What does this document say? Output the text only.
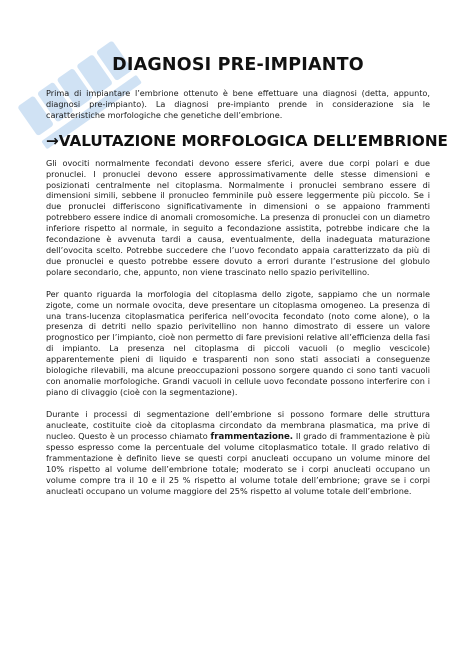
DIAGNOSI PRE-IMPIANTO

Prima di impiantare l’embrione ottenuto è bene effettuare una diagnosi (detta, appunto, diagnosi pre-impianto). La diagnosi pre-impianto prende in considerazione sia le caratteristiche morfologiche che genetiche dell’embrione.

→VALUTAZIONE MORFOLOGICA DELL’EMBRIONE

Gli ovociti normalmente fecondati devono essere sferici, avere due corpi polari e due pronuclei. I pronuclei devono essere approssimativamente delle stesse dimensioni e posizionati centralmente nel citoplasma. Normalmente i pronuclei sembrano essere di dimensioni simili, sebbene il pronucleo femminile può essere leggermente più piccolo. Se i due pronuclei differiscono significativamente in dimensioni o se appaiono frammenti potrebbero essere indice di anomali cromosomiche. La presenza di pronuclei con un diametro inferiore rispetto al normale, in seguito a fecondazione assistita, potrebbe indicare che la fecondazione è avvenuta tardi a causa, eventualmente, della inadeguata maturazione dell’ovocita scelto. Potrebbe succedere che l’uovo fecondato appaia caratterizzato da più di due pronuclei e questo potrebbe essere dovuto a errori durante l’estrusione del globulo polare secondario, che, appunto, non viene trascinato nello spazio perivitellino.

Per quanto riguarda la morfologia del citoplasma dello zigote, sappiamo che un normale zigote, come un normale ovocita, deve presentare un citoplasma omogeneo. La presenza di una trans-lucenza citoplasmatica periferica nell’ovocita fecondato (noto come alone), o la presenza di detriti nello spazio perivitellino non hanno dimostrato di essere un valore prognostico per l’impianto, cioè non permetto di fare previsioni relative all’efficienza della fasi di impianto. La presenza nel citoplasma di piccoli vacuoli (o meglio vescicole) apparentemente pieni di liquido e trasparenti non sono stati associati a conseguenze biologiche rilevabili, ma alcune preoccupazioni possono sorgere quando ci sono tanti vacuoli con anomalie morfologiche. Grandi vacuoli in cellule uovo fecondate possono interferire con i piano di clivaggio (cioè con la segmentazione).

Durante i processi di segmentazione dell’embrione si possono formare delle struttura anucleate, costituite cioè da citoplasma circondato da membrana plasmatica, ma prive di nucleo. Questo è un processo chiamato frammentazione. Il grado di frammentazione è più spesso espresso come la percentuale del volume citoplasmatico totale. Il grado relativo di frammentazione è definito lieve se questi corpi anucleati occupano un volume minore del 10% rispetto al volume dell’embrione totale; moderato se i corpi anucleati occupano un volume compre tra il 10 e il 25 % rispetto al volume totale dell’embrione; grave se i corpi anucleati occupano un volume maggiore del 25% rispetto al volume totale dell’embrione.
